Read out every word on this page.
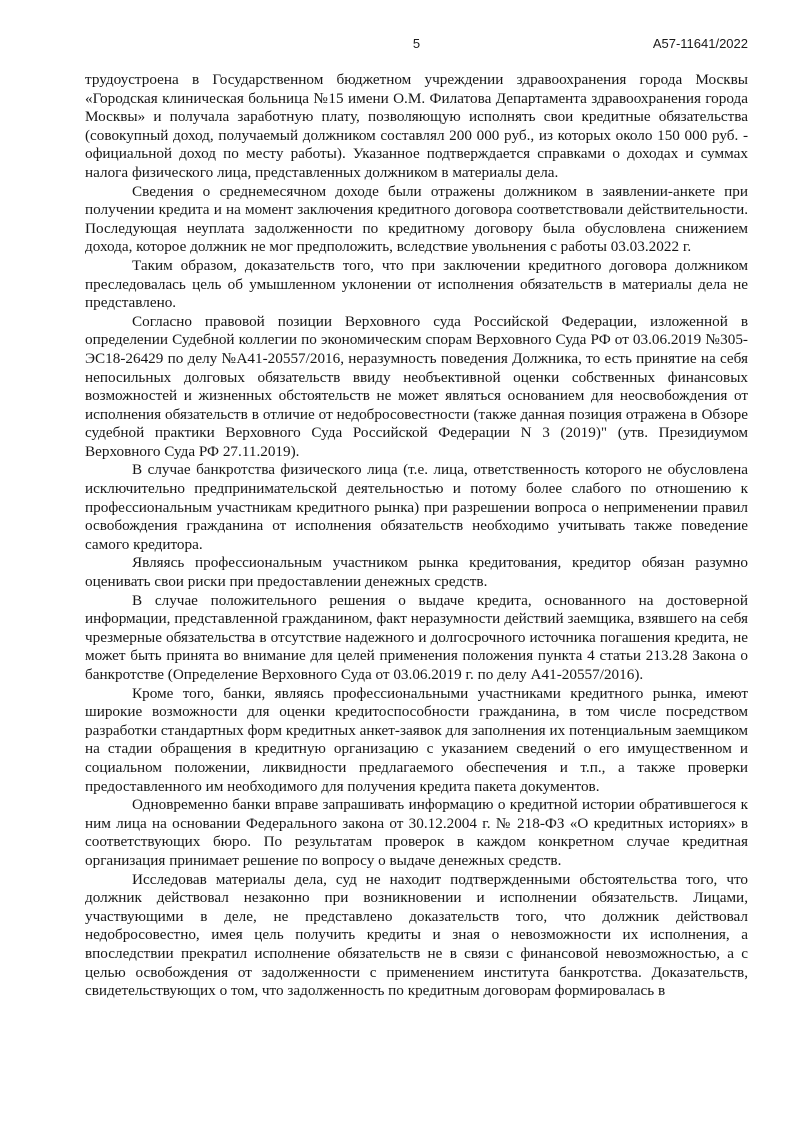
5	А57-11641/2022

трудоустроена в Государственном бюджетном учреждении здравоохранения города Москвы «Городская клиническая больница №15 имени О.М. Филатова Департамента здравоохранения города Москвы» и получала заработную плату, позволяющую исполнять свои кредитные обязательства (совокупный доход, получаемый должником составлял 200 000 руб., из которых около 150 000 руб. - официальной доход по месту работы). Указанное подтверждается справками о доходах и суммах налога физического лица, представленных должником в материалы дела.

Сведения о среднемесячном доходе были отражены должником в заявлении-анкете при получении кредита и на момент заключения кредитного договора соответствовали действительности. Последующая неуплата задолженности по кредитному договору была обусловлена снижением дохода, которое должник не мог предположить, вследствие увольнения с работы 03.03.2022 г.

Таким образом, доказательств того, что при заключении кредитного договора должником преследовалась цель об умышленном уклонении от исполнения обязательств в материалы дела не представлено.

Согласно правовой позиции Верховного суда Российской Федерации, изложенной в определении Судебной коллегии по экономическим спорам Верховного Суда РФ от 03.06.2019 №305-ЭС18-26429 по делу №А41-20557/2016, неразумность поведения Должника, то есть принятие на себя непосильных долговых обязательств ввиду необъективной оценки собственных финансовых возможностей и жизненных обстоятельств не может являться основанием для неосвобождения от исполнения обязательств в отличие от недобросовестности (также данная позиция отражена в Обзоре судебной практики Верховного Суда Российской Федерации N 3 (2019)" (утв. Президиумом Верховного Суда РФ 27.11.2019).

В случае банкротства физического лица (т.е. лица, ответственность которого не обусловлена исключительно предпринимательской деятельностью и потому более слабого по отношению к профессиональным участникам кредитного рынка) при разрешении вопроса о неприменении правил освобождения гражданина от исполнения обязательств необходимо учитывать также поведение самого кредитора.

Являясь профессиональным участником рынка кредитования, кредитор обязан разумно оценивать свои риски при предоставлении денежных средств.

В случае положительного решения о выдаче кредита, основанного на достоверной информации, представленной гражданином, факт неразумности действий заемщика, взявшего на себя чрезмерные обязательства в отсутствие надежного и долгосрочного источника погашения кредита, не может быть принята во внимание для целей применения положения пункта 4 статьи 213.28 Закона о банкротстве (Определение Верховного Суда от 03.06.2019 г. по делу А41-20557/2016).

Кроме того, банки, являясь профессиональными участниками кредитного рынка, имеют широкие возможности для оценки кредитоспособности гражданина, в том числе посредством разработки стандартных форм кредитных анкет-заявок для заполнения их потенциальным заемщиком на стадии обращения в кредитную организацию с указанием сведений о его имущественном и социальном положении, ликвидности предлагаемого обеспечения и т.п., а также проверки предоставленного им необходимого для получения кредита пакета документов.

Одновременно банки вправе запрашивать информацию о кредитной истории обратившегося к ним лица на основании Федерального закона от 30.12.2004 г. № 218-ФЗ «О кредитных историях» в соответствующих бюро. По результатам проверок в каждом конкретном случае кредитная организация принимает решение по вопросу о выдаче денежных средств.

Исследовав материалы дела, суд не находит подтвержденными обстоятельства того, что должник действовал незаконно при возникновении и исполнении обязательств. Лицами, участвующими в деле, не представлено доказательств того, что должник действовал недобросовестно, имея цель получить кредиты и зная о невозможности их исполнения, а впоследствии прекратил исполнение обязательств не в связи с финансовой невозможностью, а с целью освобождения от задолженности с применением института банкротства. Доказательств, свидетельствующих о том, что задолженность по кредитным договорам формировалась в
